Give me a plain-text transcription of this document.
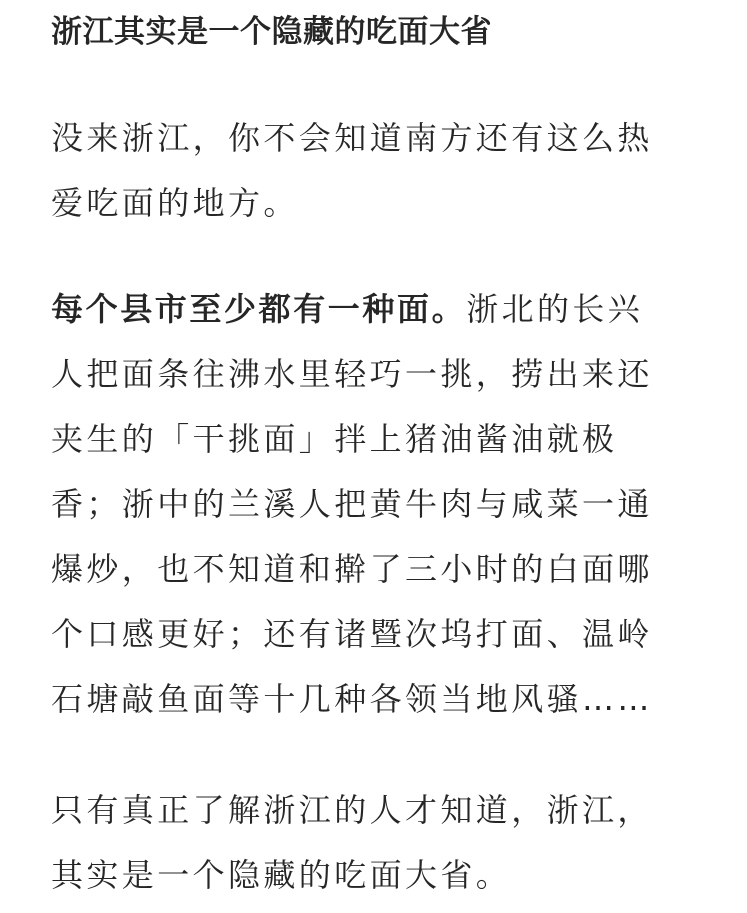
浙江其实是一个隐藏的吃面大省

没来浙江，你不会知道南方还有这么热
爱吃面的地方。

每个县市至少都有一种面。浙北的长兴
人把面条往沸水里轻巧一挑，捞出来还
夹生的「干挑面」拌上猪油酱油就极
香；浙中的兰溪人把黄牛肉与咸菜一通
爆炒，也不知道和擀了三小时的白面哪
个口感更好；还有诸暨次坞打面、温岭
石塘敲鱼面等十几种各领当地风骚……

只有真正了解浙江的人才知道，浙江，
其实是一个隐藏的吃面大省。
